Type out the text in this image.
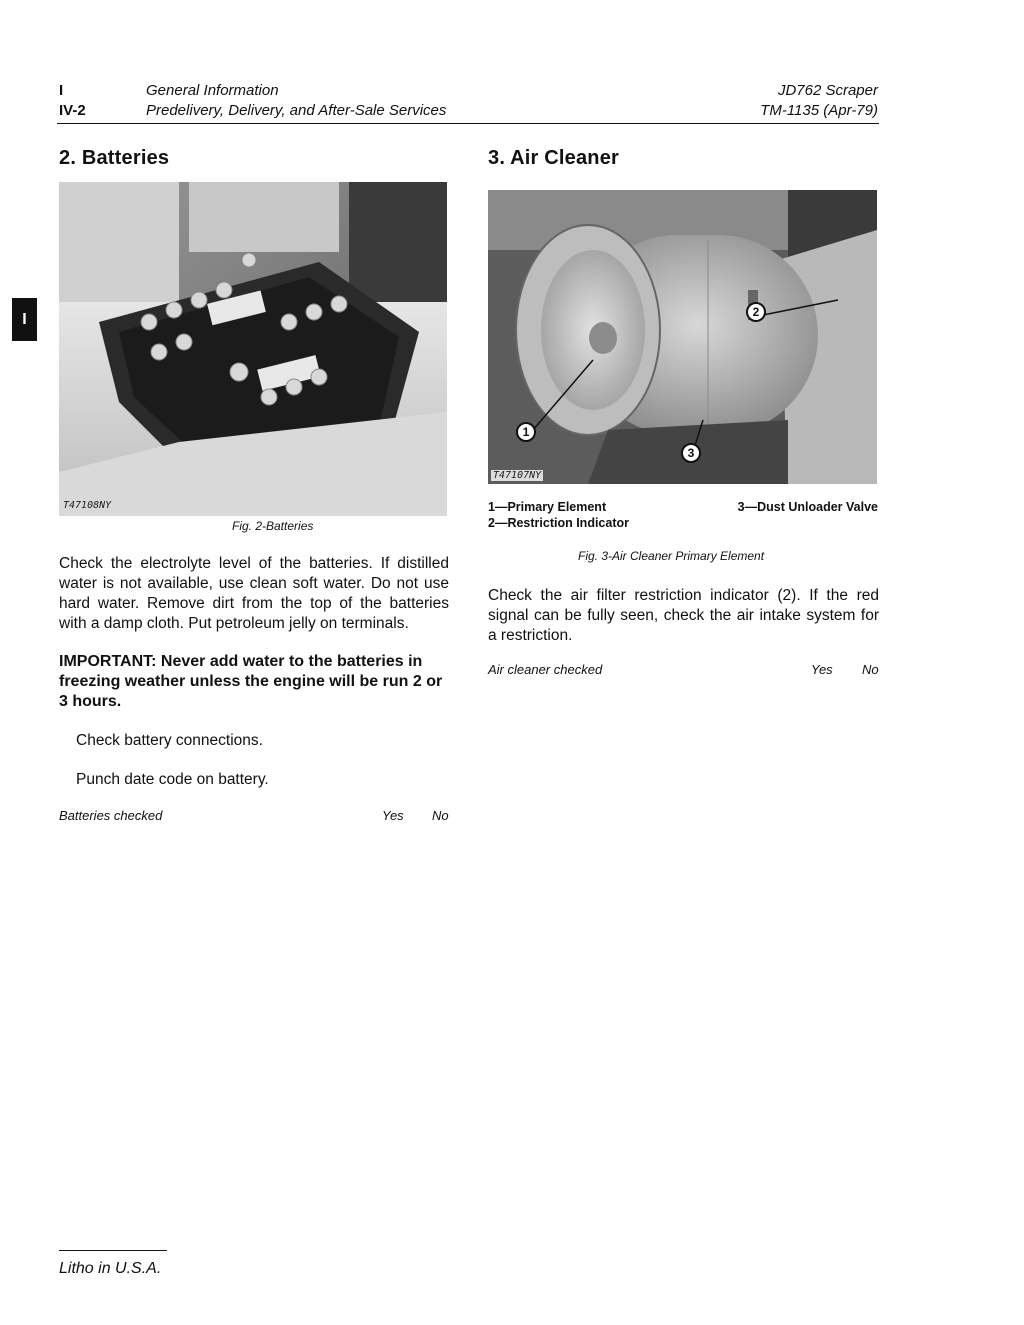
I
IV-2
General Information
Predelivery, Delivery, and After-Sale Services
JD762 Scraper
TM-1135 (Apr-79)
I
2. Batteries
T47108NY
Fig. 2-Batteries
Check the electrolyte level of the batteries. If distilled water is not available, use clean soft water. Do not use hard water. Remove dirt from the top of the batteries with a damp cloth. Put petroleum jelly on terminals.
IMPORTANT: Never add water to the batteries in freezing weather unless the engine will be run 2 or 3 hours.
Check battery connections.
Punch date code on battery.
Batteries checked	Yes No
3. Air Cleaner
1
2
3
T47107NY
1—Primary Element
2—Restriction Indicator
3—Dust Unloader Valve
Fig. 3-Air Cleaner Primary Element
Check the air filter restriction indicator (2). If the red signal can be fully seen, check the air intake system for a restriction.
Air cleaner checked	Yes No
Litho in U.S.A.
